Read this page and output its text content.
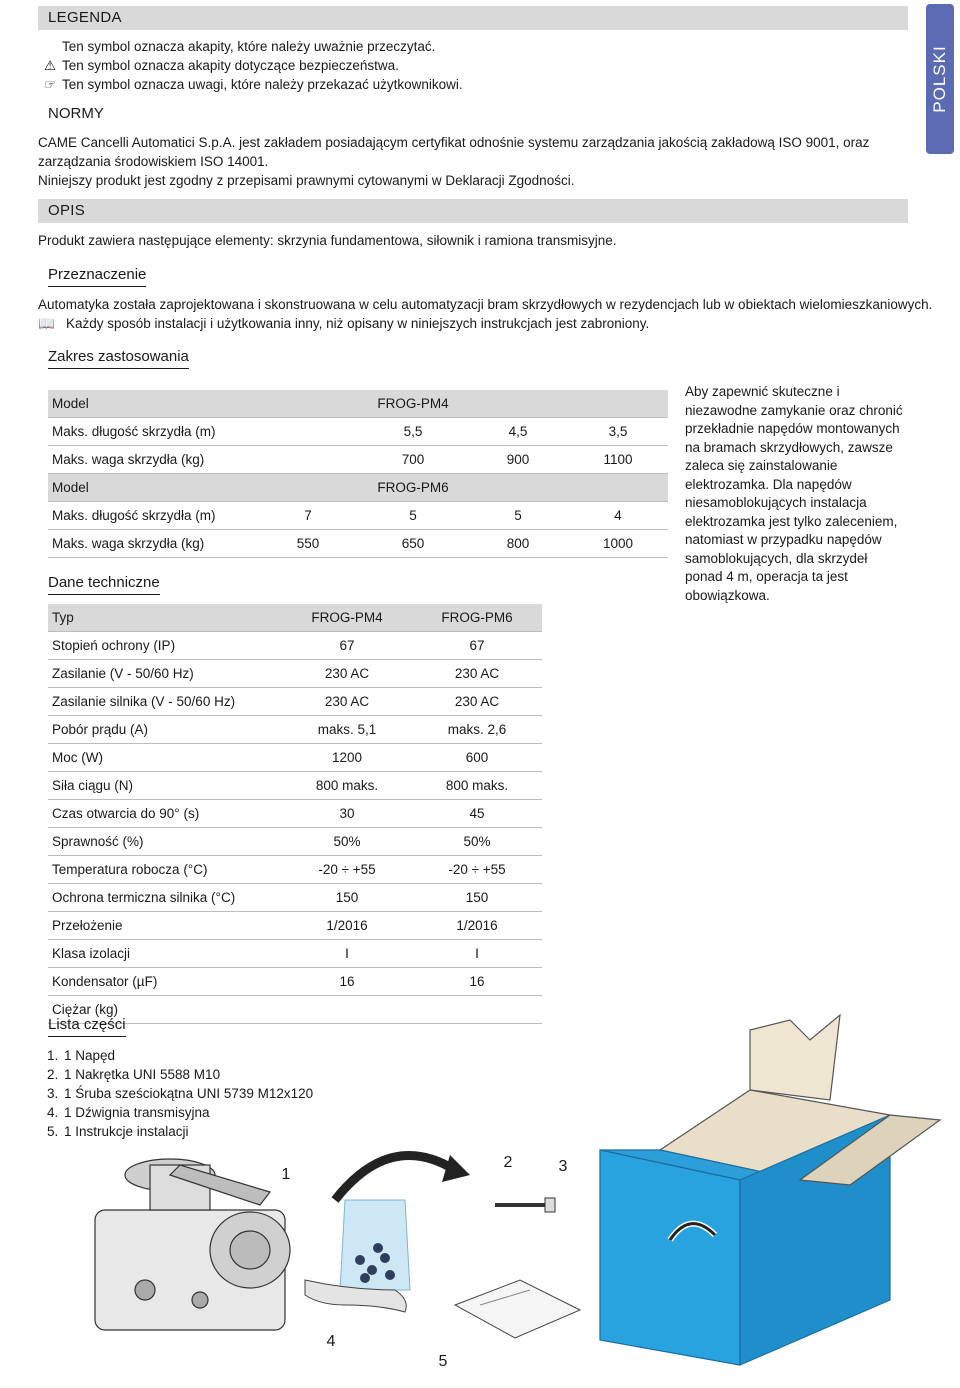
POLSKI
LEGENDA
Ten symbol oznacza akapity, które należy uważnie przeczytać.
⚠ Ten symbol oznacza akapity dotyczące bezpieczeństwa.
☞ Ten symbol oznacza uwagi, które należy przekazać użytkownikowi.
NORMY
CAME Cancelli Automatici S.p.A. jest zakładem posiadającym certyfikat odnośnie systemu zarządzania jakością zakładową ISO 9001, oraz zarządzania środowiskiem ISO 14001.
Niniejszy produkt jest zgodny z przepisami prawnymi cytowanymi w Deklaracji Zgodności.
OPIS
Produkt zawiera następujące elementy: skrzynia fundamentowa, siłownik i ramiona transmisyjne.
Przeznaczenie
Automatyka została zaprojektowana i skonstruowana w celu automatyzacji bram skrzydłowych w rezydencjach lub w obiektach wielomieszkaniowych.
📖 Każdy sposób instalacji i użytkowania inny, niż opisany w niniejszych instrukcjach jest zabroniony.
Zakres zastosowania
Model		FROG-PM4		
Maks. długość skrzydła (m)		5,5	4,5	3,5
Maks. waga skrzydła (kg)		700	900	1100
Model		FROG-PM6		
Maks. długość skrzydła (m)	7	5	5	4
Maks. waga skrzydła (kg)	550	650	800	1000
Aby zapewnić skuteczne i niezawodne zamykanie oraz chronić przekładnie napędów montowanych na bramach skrzydłowych, zawsze zaleca się zainstalowanie elektrozamka. Dla napędów niesamoblokujących instalacja elektrozamka jest tylko zaleceniem, natomiast w przypadku napędów samoblokujących, dla skrzydeł ponad 4 m, operacja ta jest obowiązkowa.
Dane techniczne
Typ	FROG-PM4	FROG-PM6
Stopień ochrony (IP)	67	67
Zasilanie (V - 50/60 Hz)	230 AC	230 AC
Zasilanie silnika (V - 50/60 Hz)	230 AC	230 AC
Pobór prądu (A)	maks. 5,1	maks. 2,6
Moc (W)	1200	600
Siła ciągu (N)	800 maks.	800 maks.
Czas otwarcia do 90° (s)	30	45
Sprawność (%)	50%	50%
Temperatura robocza (°C)	-20 ÷ +55	-20 ÷ +55
Ochrona termiczna silnika (°C)	150	150
Przełożenie	1/2016	1/2016
Klasa izolacji	I	I
Kondensator (µF)	16	16
Ciężar (kg)		
Lista części
1. 1 Napęd
2. 1 Nakrętka UNI 5588 M10
3. 1 Śruba sześciokątna UNI 5739 M12x120
4. 1 Dźwignia transmisyjna
5. 1 Instrukcje instalacji
1
2	3
4
5
